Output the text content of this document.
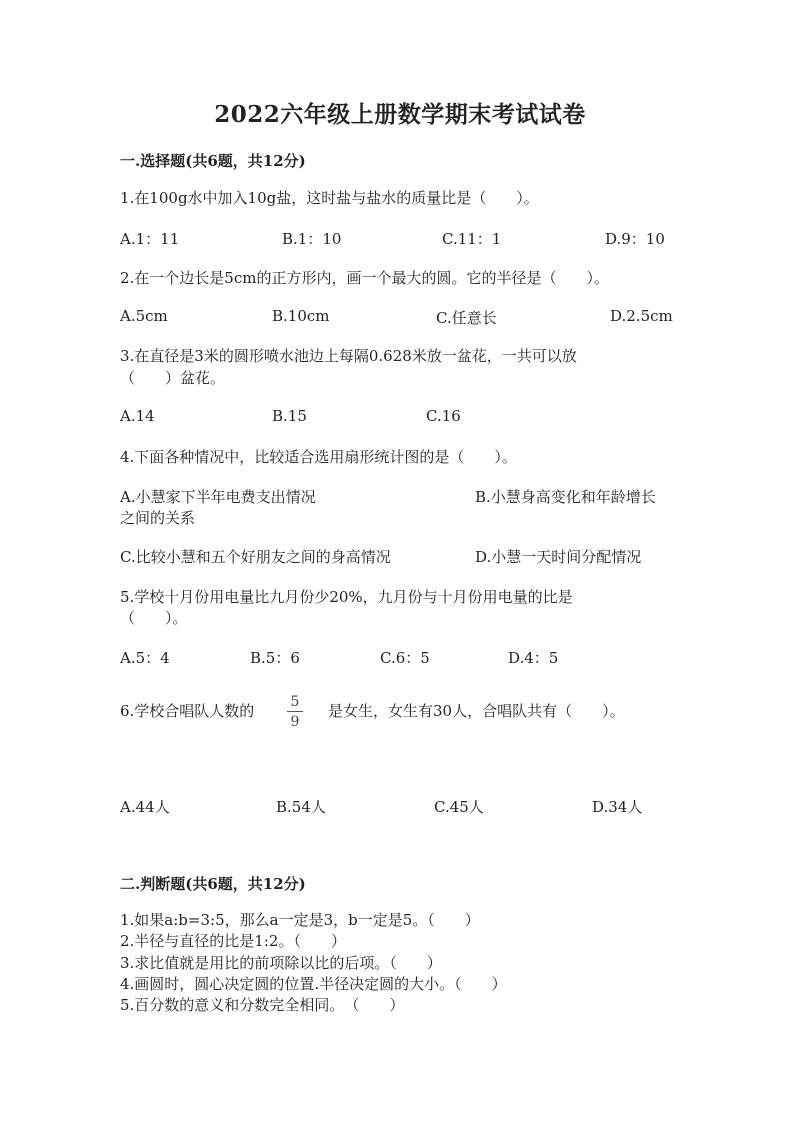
2022六年级上册数学期末考试试卷
一.选择题(共6题，共12分)
1.在100g水中加入10g盐，这时盐与盐水的质量比是（　　）。
A.1：11	B.1：10	C.11：1	D.9：10
2.在一个边长是5cm的正方形内，画一个最大的圆。它的半径是（　　）。
A.5cm	B.10cm	C.任意长	D.2.5cm
3.在直径是3米的圆形喷水池边上每隔0.628米放一盆花，一共可以放
（　　）盆花。
A.14	B.15	C.16
4.下面各种情况中，比较适合选用扇形统计图的是（　　）。
A.小慧家下半年电费支出情况	B.小慧身高变化和年龄增长
之间的关系
C.比较小慧和五个好朋友之间的身高情况	D.小慧一天时间分配情况
5.学校十月份用电量比九月份少20%，九月份与十月份用电量的比是
（　　）。
A.5：4	B.5：6	C.6：5	D.4：5
6.学校合唱队人数的	5
9
是女生，女生有30人，合唱队共有（　　）。
A.44人	B.54人	C.45人	D.34人
二.判断题(共6题，共12分)
1.如果a:b=3:5，那么a一定是3，b一定是5。（　　）
2.半径与直径的比是1:2。（　　）
3.求比值就是用比的前项除以比的后项。（　　）
4.画圆时，圆心决定圆的位置.半径决定圆的大小。（　　）
5.百分数的意义和分数完全相同。　（　　）
